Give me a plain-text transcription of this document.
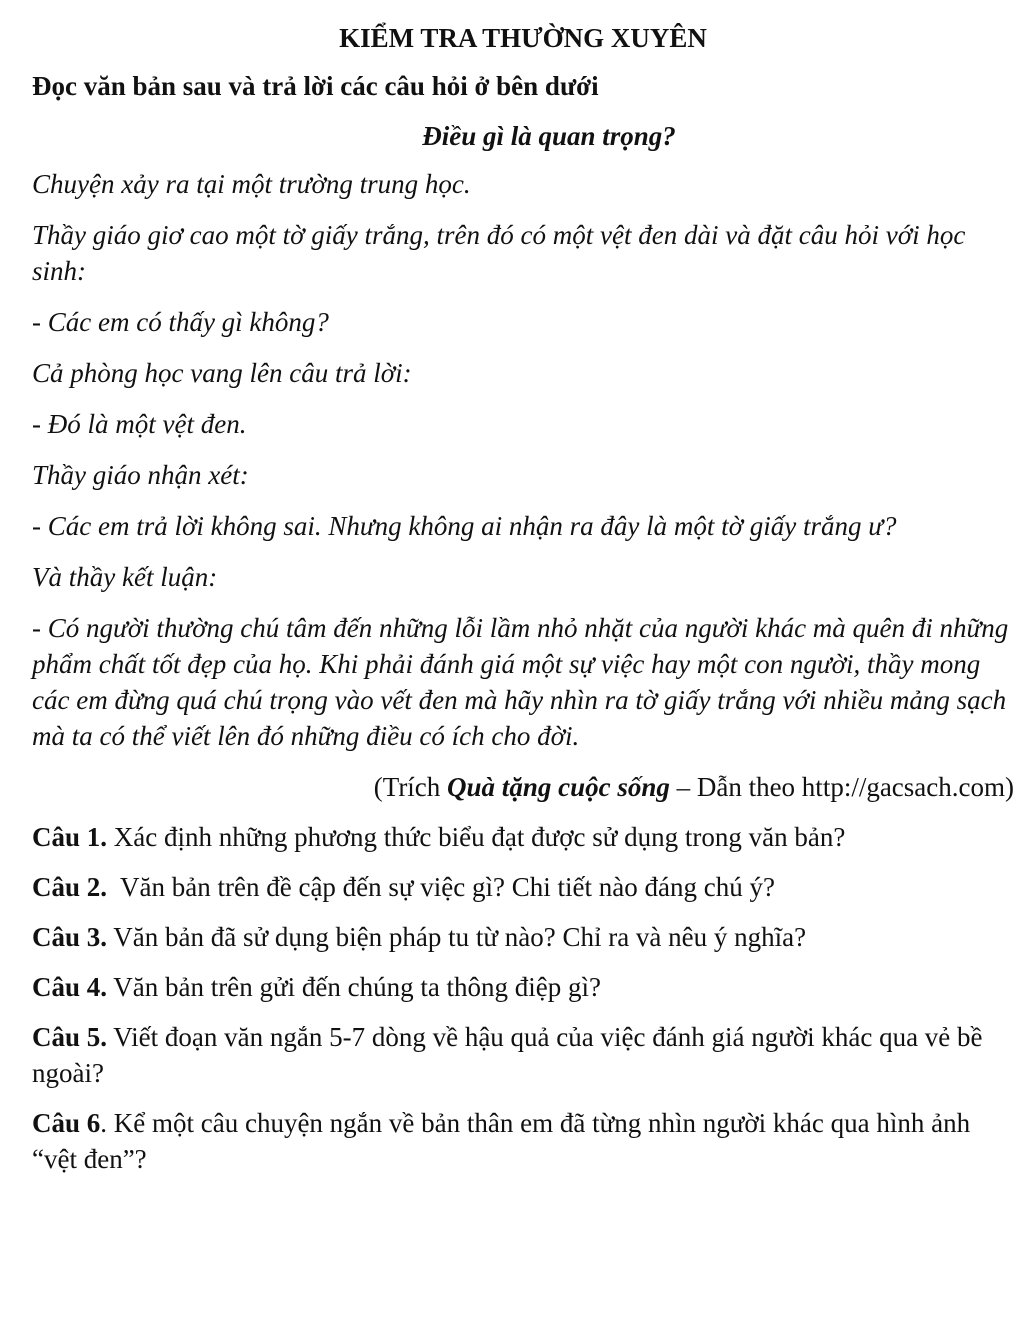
KIỂM TRA THƯỜNG XUYÊN
Đọc văn bản sau và trả lời các câu hỏi ở bên dưới
Điều gì là quan trọng?

Chuyện xảy ra tại một trường trung học.

Thầy giáo giơ cao một tờ giấy trắng, trên đó có một vệt đen dài và đặt câu hỏi với học sinh:

- Các em có thấy gì không?

Cả phòng học vang lên câu trả lời:

- Đó là một vệt đen.

Thầy giáo nhận xét:

- Các em trả lời không sai. Nhưng không ai nhận ra đây là một tờ giấy trắng ư?

Và thầy kết luận:

- Có người thường chú tâm đến những lỗi lầm nhỏ nhặt của người khác mà quên đi những phẩm chất tốt đẹp của họ. Khi phải đánh giá một sự việc hay một con người, thầy mong các em đừng quá chú trọng vào vết đen mà hãy nhìn ra tờ giấy trắng với nhiều mảng sạch mà ta có thể viết lên đó những điều có ích cho đời.

(Trích Quà tặng cuộc sống – Dẫn theo http://gacsach.com)
Câu 1. Xác định những phương thức biểu đạt được sử dụng trong văn bản?
Câu 2.  Văn bản trên đề cập đến sự việc gì? Chi tiết nào đáng chú ý?
Câu 3. Văn bản đã sử dụng biện pháp tu từ nào? Chỉ ra và nêu ý nghĩa?
Câu 4. Văn bản trên gửi đến chúng ta thông điệp gì?
Câu 5. Viết đoạn văn ngắn 5-7 dòng về hậu quả của việc đánh giá người khác qua vẻ bề ngoài?
Câu 6. Kể một câu chuyện ngắn về bản thân em đã từng nhìn người khác qua hình ảnh “vệt đen”?
